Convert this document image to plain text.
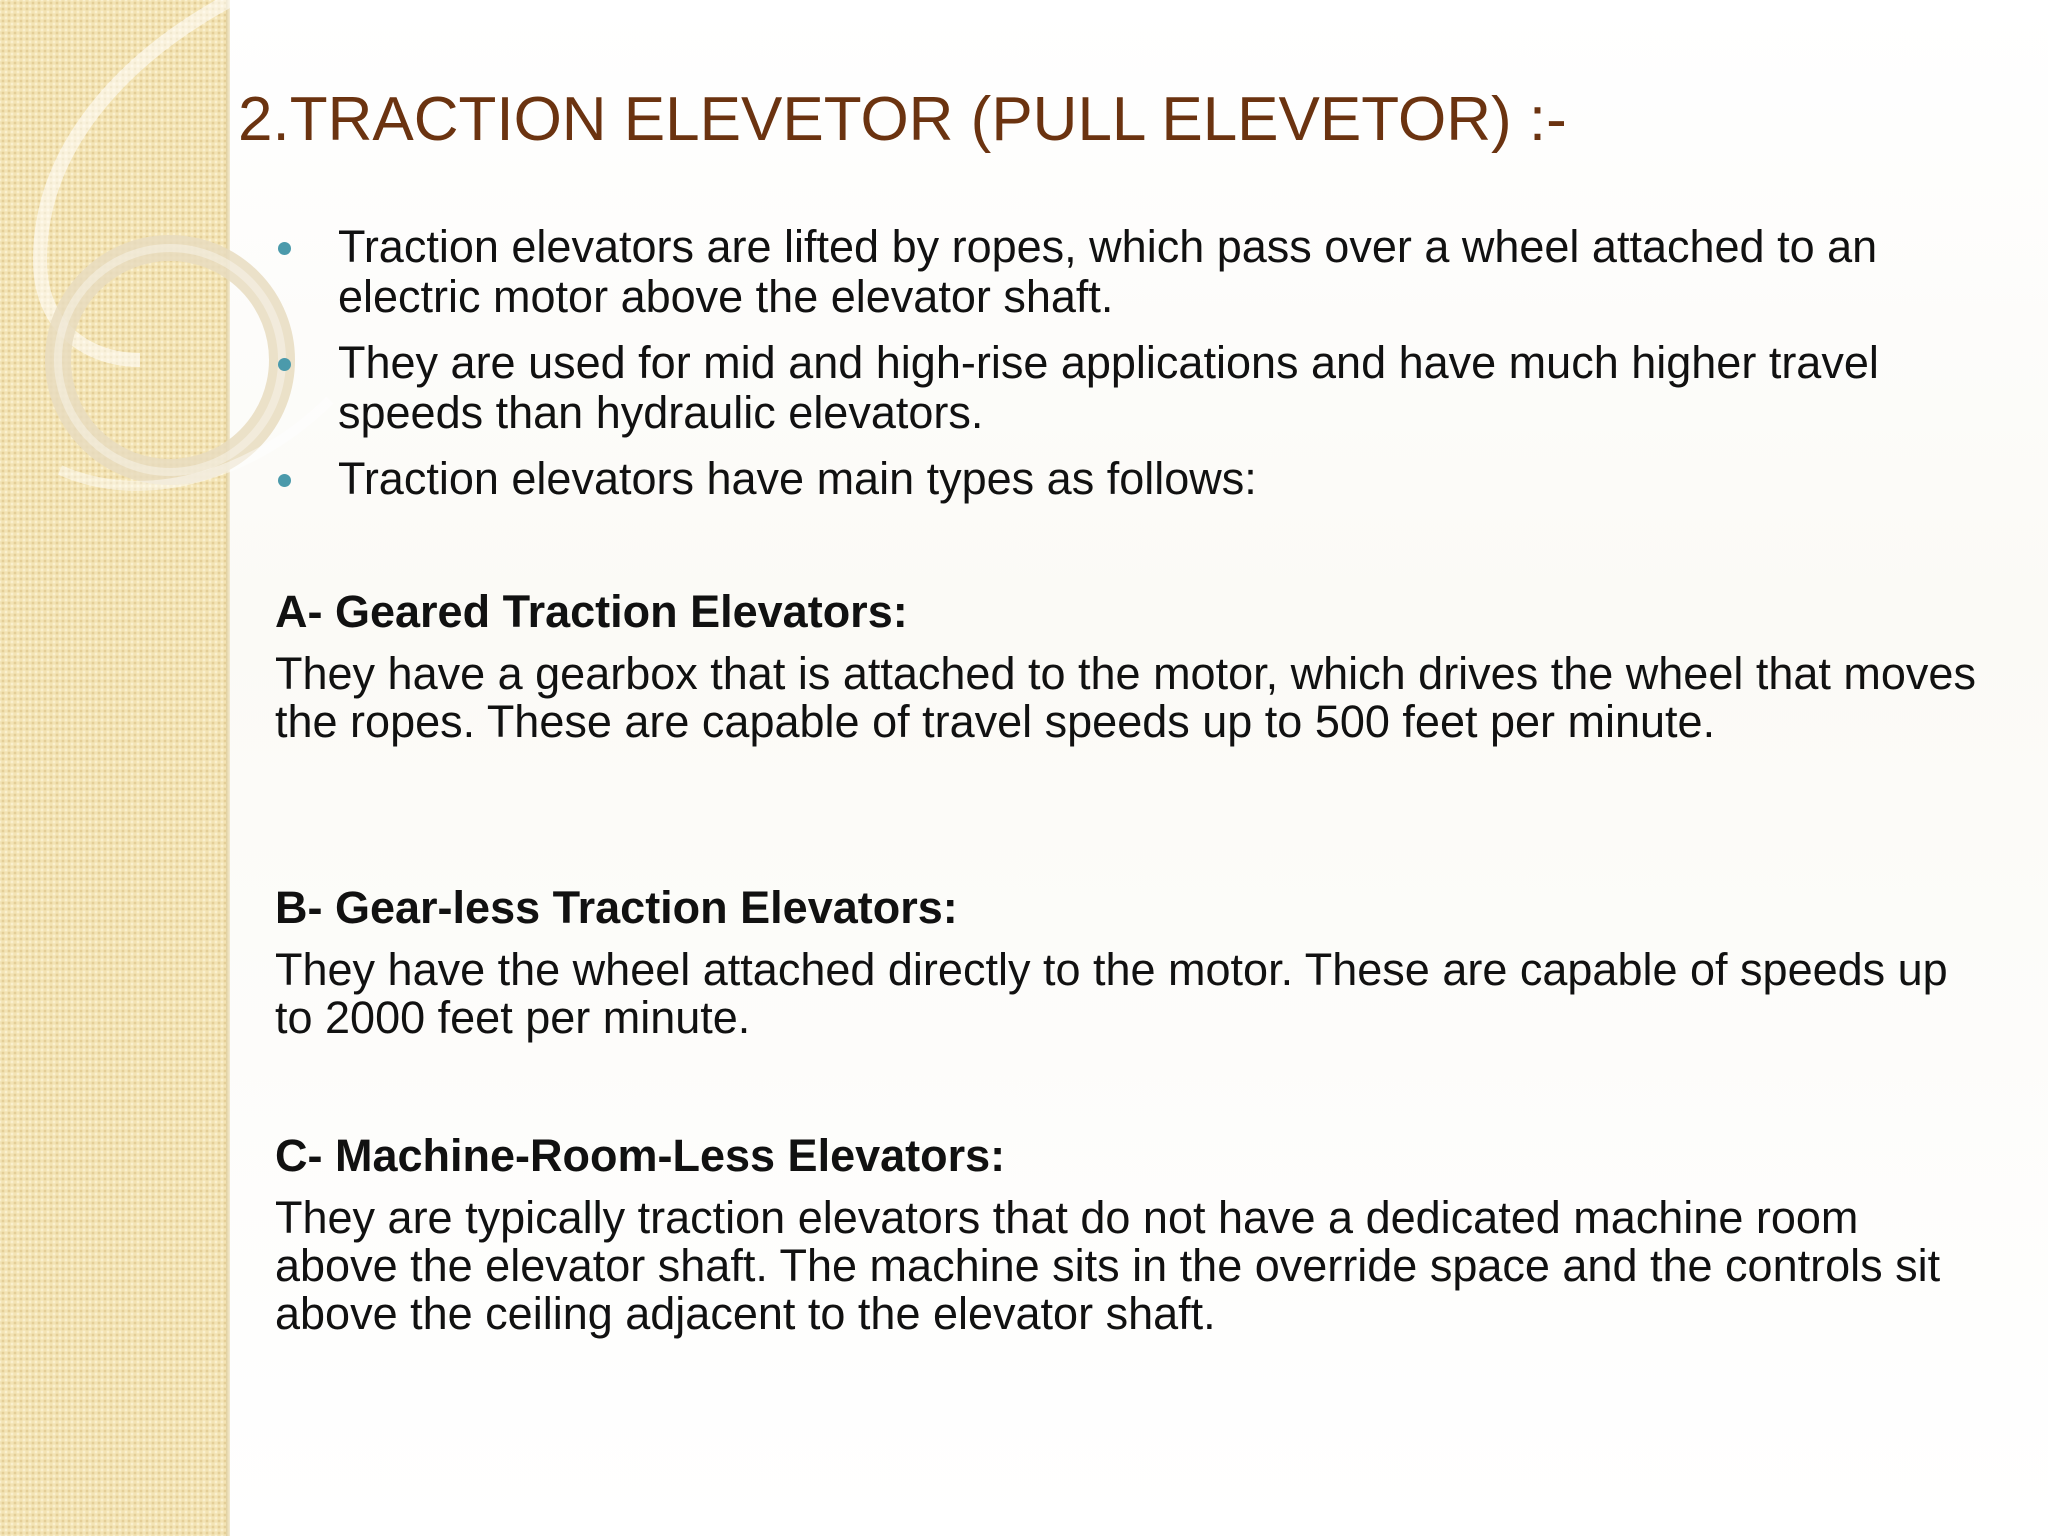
2.TRACTION ELEVETOR (PULL ELEVETOR) :-
Traction elevators are lifted by ropes, which pass over a wheel attached to an electric motor above the elevator shaft.
They are used for mid and high-rise applications and have much higher travel speeds than hydraulic elevators.
Traction elevators have main types as follows:

A- Geared Traction Elevators:

They have a gearbox that is attached to the motor, which drives the wheel that moves the ropes. These are capable of travel speeds up to 500 feet per minute.

B- Gear-less Traction Elevators:

They have the wheel attached directly to the motor. These are capable of speeds up to 2000 feet per minute.

C- Machine-Room-Less Elevators:

They are typically traction elevators that do not have a dedicated machine room above the elevator shaft. The machine sits in the override space and the controls sit above the ceiling adjacent to the elevator shaft.
